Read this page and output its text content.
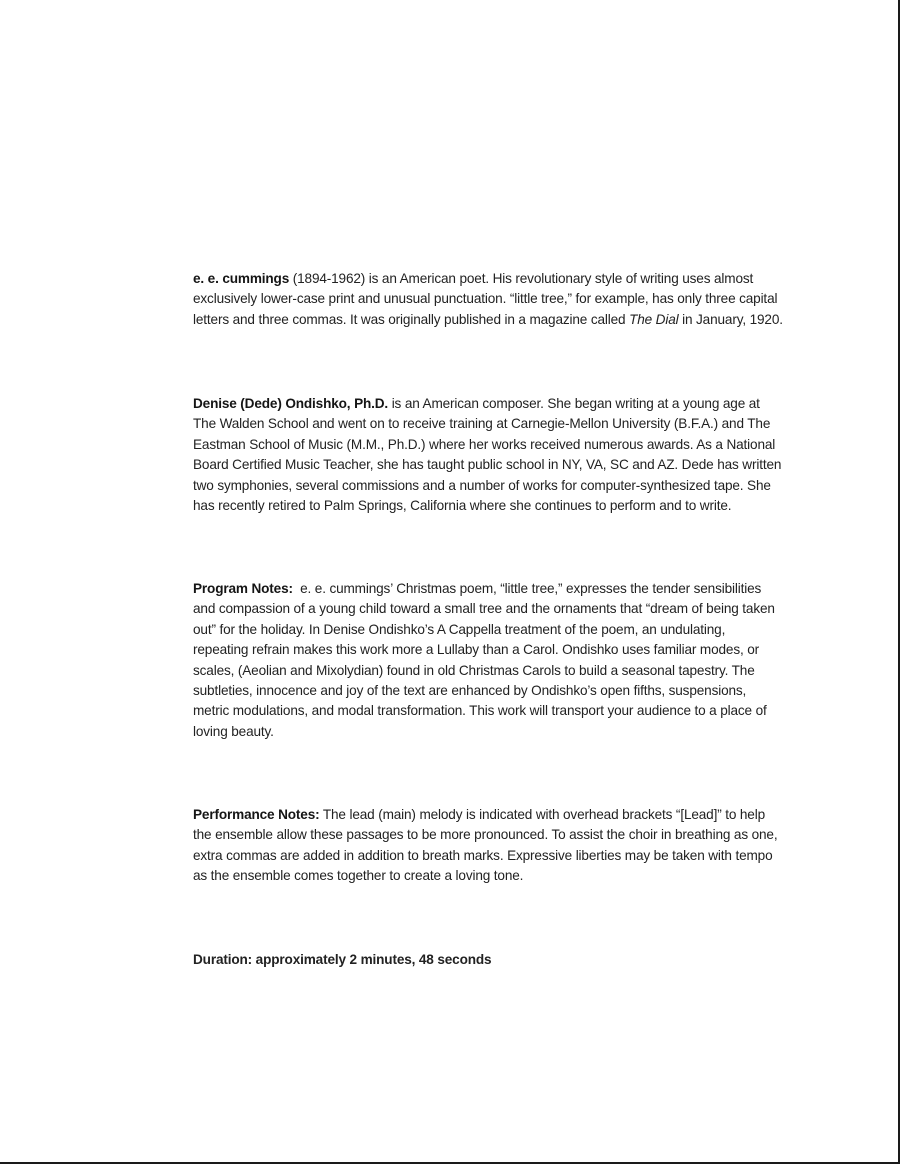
e. e. cummings (1894-1962) is an American poet. His revolutionary style of writing uses almost exclusively lower-case print and unusual punctuation. “little tree,” for example, has only three capital letters and three commas. It was originally published in a magazine called The Dial in January, 1920.

Denise (Dede) Ondishko, Ph.D. is an American composer. She began writing at a young age at The Walden School and went on to receive training at Carnegie-Mellon University (B.F.A.) and The Eastman School of Music (M.M., Ph.D.) where her works received numerous awards. As a National Board Certified Music Teacher, she has taught public school in NY, VA, SC and AZ. Dede has written two symphonies, several commissions and a number of works for computer-synthesized tape. She has recently retired to Palm Springs, California where she continues to perform and to write.

Program Notes:  e. e. cummings’ Christmas poem, “little tree,” expresses the tender sensibilities and compassion of a young child toward a small tree and the ornaments that “dream of being taken out” for the holiday. In Denise Ondishko’s A Cappella treatment of the poem, an undulating, repeating refrain makes this work more a Lullaby than a Carol. Ondishko uses familiar modes, or scales, (Aeolian and Mixolydian) found in old Christmas Carols to build a seasonal tapestry. The subtleties, innocence and joy of the text are enhanced by Ondishko’s open fifths, suspensions, metric modulations, and modal transformation. This work will transport your audience to a place of loving beauty.

Performance Notes: The lead (main) melody is indicated with overhead brackets “[Lead]” to help the ensemble allow these passages to be more pronounced. To assist the choir in breathing as one, extra commas are added in addition to breath marks. Expressive liberties may be taken with tempo as the ensemble comes together to create a loving tone.

Duration: approximately 2 minutes, 48 seconds
